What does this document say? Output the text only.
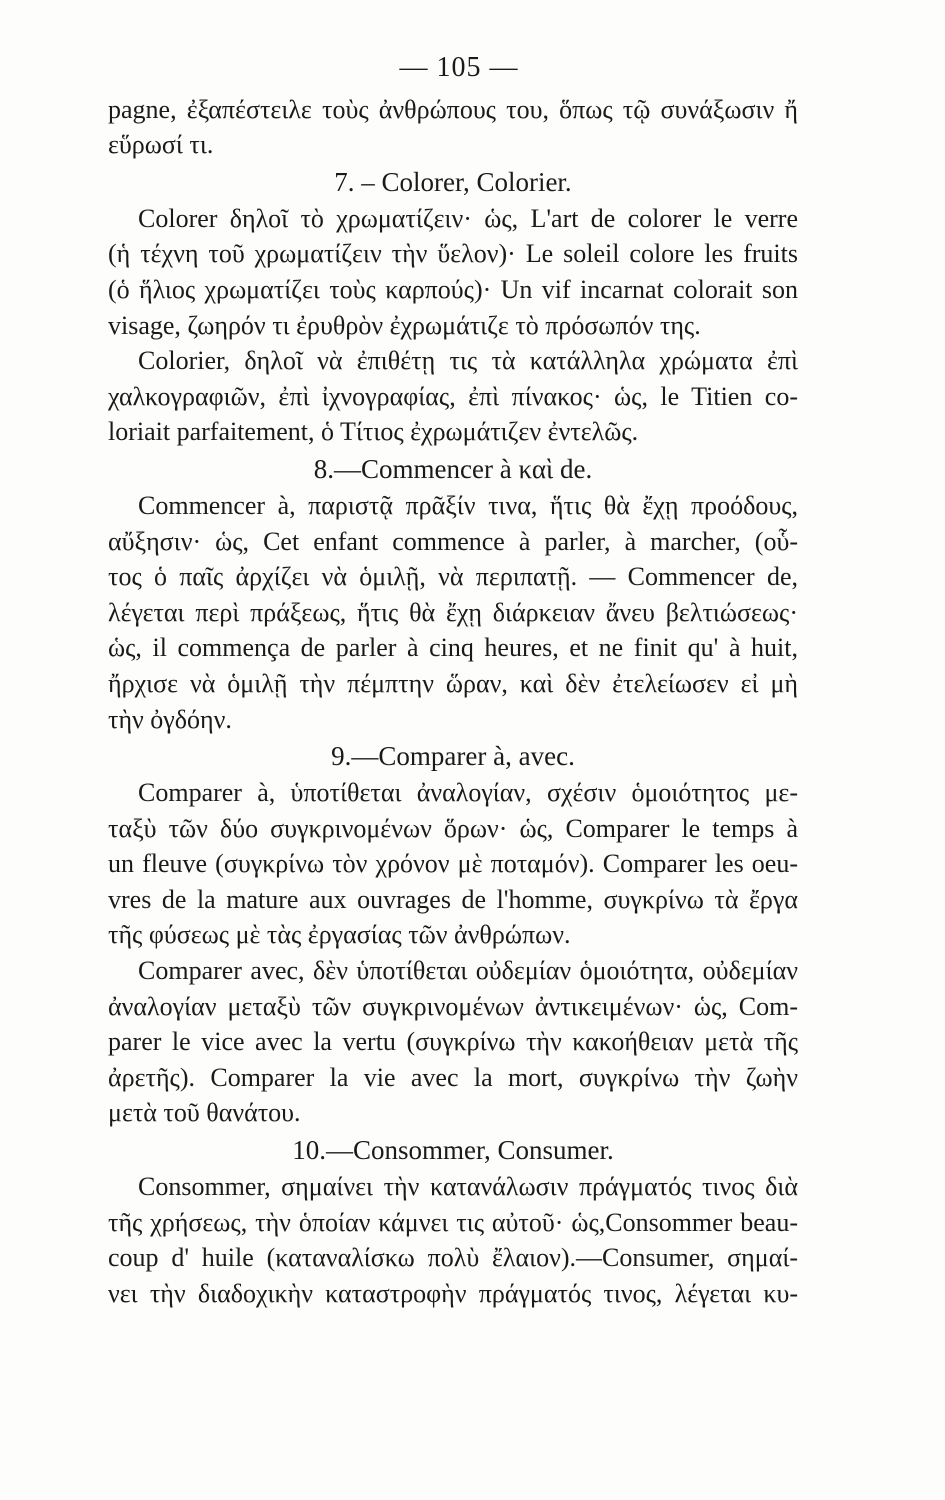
— 105 —
pagne, ἐξαπέστειλε τοὺς ἀνθρώπους του, ὅπως τῷ συνάξωσιν ἤ
εὕρωσί τι.
7. – Colorer, Colorier.
Colorer δηλοῖ τὸ χρωματίζειν· ὡς, L'art de colorer le verre
(ἡ τέχνη τοῦ χρωματίζειν τὴν ὕελον)· Le soleil colore les fruits
(ὁ ἥλιος χρωματίζει τοὺς καρπούς)· Un vif incarnat colorait son
visage, ζωηρόν τι ἐρυθρὸν ἐχρωμάτιζε τὸ πρόσωπόν της.
Colorier, δηλοῖ νὰ ἐπιθέτῃ τις τὰ κατάλληλα χρώματα ἐπὶ
χαλκογραφιῶν, ἐπὶ ἰχνογραφίας, ἐπὶ πίνακος· ὡς, le Titien co-
loriait parfaitement, ὁ Τίτιος ἐχρωμάτιζεν ἐντελῶς.
8.—Commencer à καὶ de.
Commencer à, παριστᾷ πρᾶξίν τινα, ἥτις θὰ ἔχῃ προόδους,
αὔξησιν· ὡς, Cet enfant commence à parler, à marcher, (οὗ-
τος ὁ παῖς ἀρχίζει νὰ ὁμιλῇ, νὰ περιπατῇ. — Commencer de,
λέγεται περὶ πράξεως, ἥτις θὰ ἔχῃ διάρκειαν ἄνευ βελτιώσεως·
ὡς, il commença de parler à cinq heures, et ne finit qu' à huit,
ἤρχισε νὰ ὁμιλῇ τὴν πέμπτην ὥραν, καὶ δὲν ἐτελείωσεν εἰ μὴ
τὴν ὀγδόην.
9.—Comparer à, avec.
Comparer à, ὑποτίθεται ἀναλογίαν, σχέσιν ὁμοιότητος με-
ταξὺ τῶν δύο συγκρινομένων ὅρων· ὡς, Comparer le temps à
un fleuve (συγκρίνω τὸν χρόνον μὲ ποταμόν). Comparer les oeu-
vres de la mature aux ouvrages de l'homme, συγκρίνω τὰ ἔργα
τῆς φύσεως μὲ τὰς ἐργασίας τῶν ἀνθρώπων.
Comparer avec, δὲν ὑποτίθεται οὐδεμίαν ὁμοιότητα, οὐδεμίαν
ἀναλογίαν μεταξὺ τῶν συγκρινομένων ἀντικειμένων· ὡς, Com-
parer le vice avec la vertu (συγκρίνω τὴν κακοήθειαν μετὰ τῆς
ἀρετῆς). Comparer la vie avec la mort, συγκρίνω τὴν ζωὴν
μετὰ τοῦ θανάτου.
10.—Consommer, Consumer.
Consommer, σημαίνει τὴν κατανάλωσιν πράγματός τινος διὰ
τῆς χρήσεως, τὴν ὁποίαν κάμνει τις αὐτοῦ· ὡς,Consommer beau-
coup d' huile (καταναλίσκω πολὺ ἔλαιον).—Consumer, σημαί-
νει τὴν διαδοχικὴν καταστροφὴν πράγματός τινος, λέγεται κυ-
